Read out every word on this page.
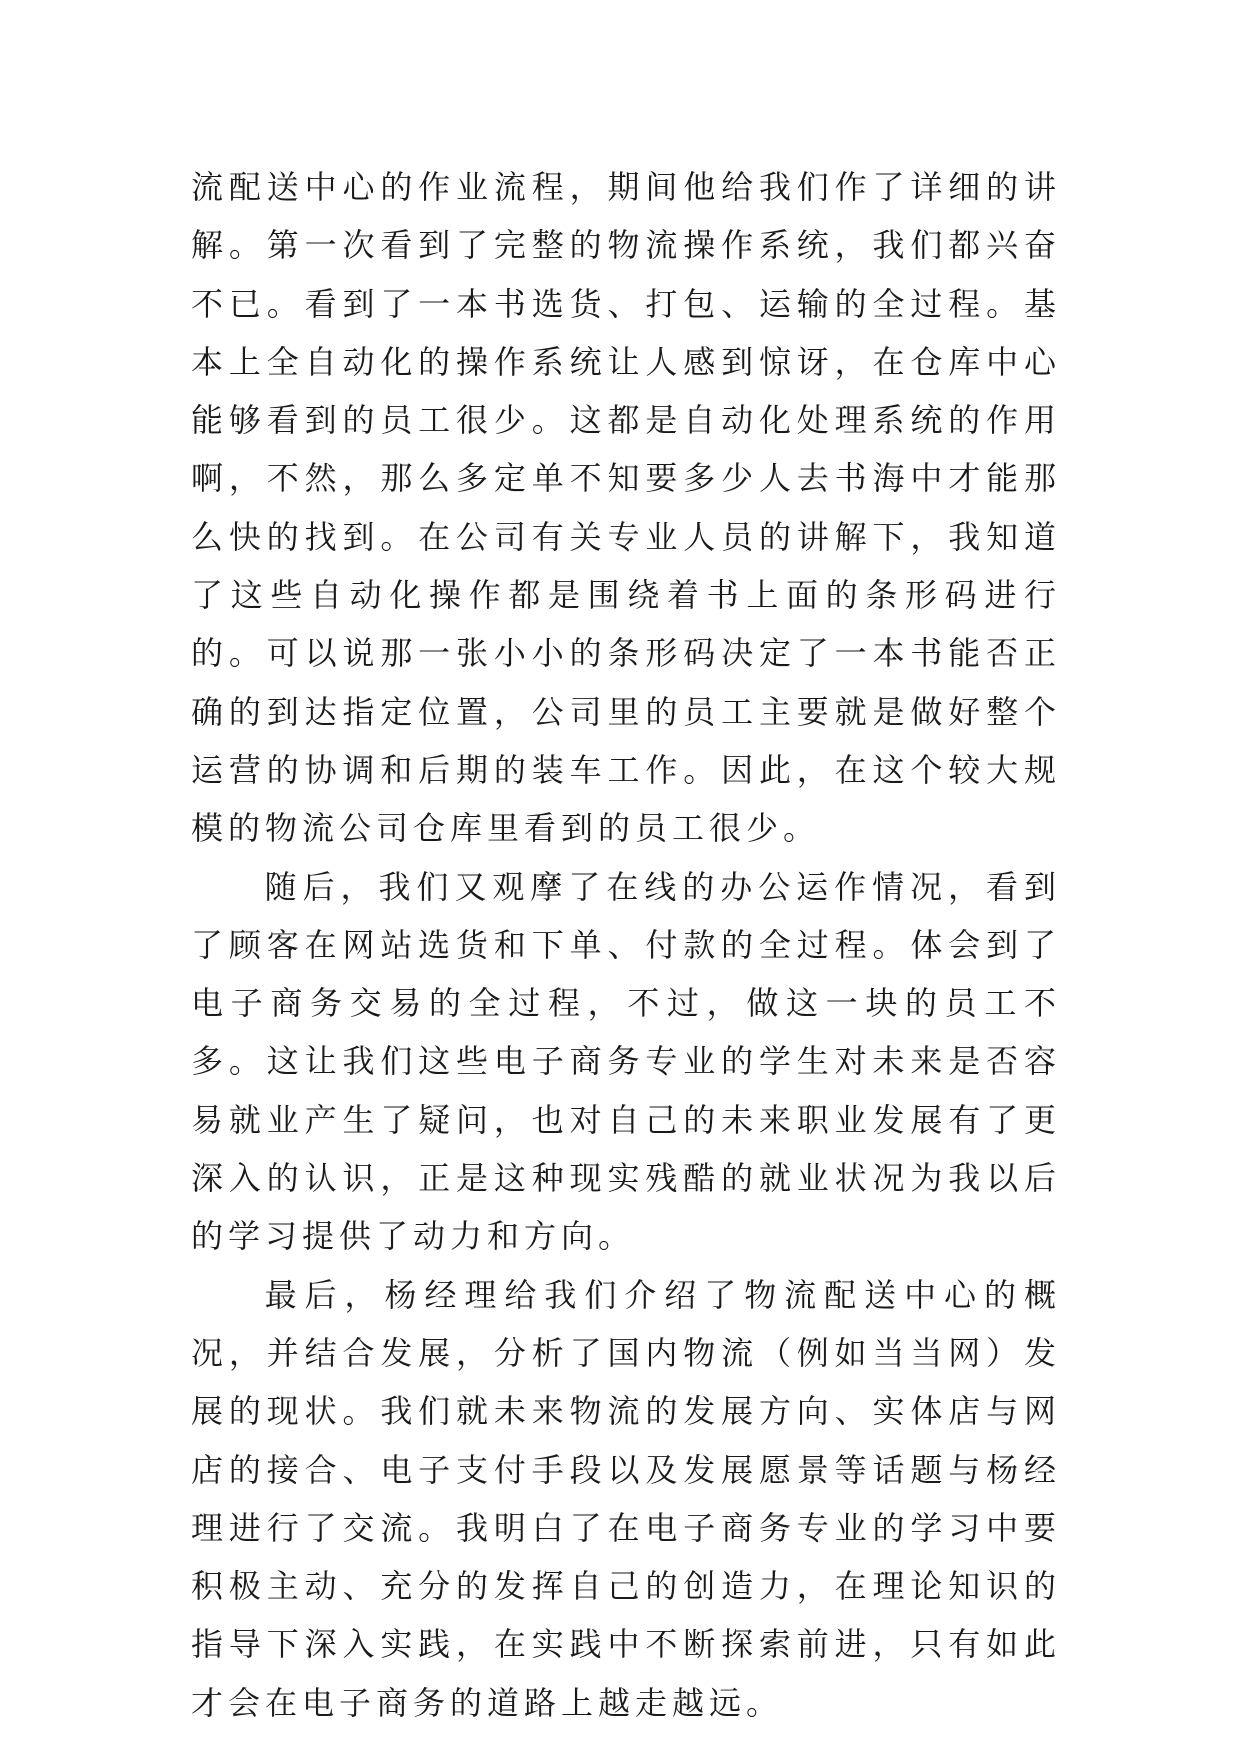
流配送中心的作业流程，期间他给我们作了详细的讲解。第一次看到了完整的物流操作系统，我们都兴奋不已。看到了一本书选货、打包、运输的全过程。基本上全自动化的操作系统让人感到惊讶，在仓库中心能够看到的员工很少。这都是自动化处理系统的作用啊，不然，那么多定单不知要多少人去书海中才能那么快的找到。在公司有关专业人员的讲解下，我知道了这些自动化操作都是围绕着书上面的条形码进行的。可以说那一张小小的条形码决定了一本书能否正确的到达指定位置，公司里的员工主要就是做好整个运营的协调和后期的装车工作。因此，在这个较大规模的物流公司仓库里看到的员工很少。

随后，我们又观摩了在线的办公运作情况，看到了顾客在网站选货和下单、付款的全过程。体会到了电子商务交易的全过程，不过，做这一块的员工不多。这让我们这些电子商务专业的学生对未来是否容易就业产生了疑问，也对自己的未来职业发展有了更深入的认识，正是这种现实残酷的就业状况为我以后的学习提供了动力和方向。

最后，杨经理给我们介绍了物流配送中心的概况，并结合发展，分析了国内物流（例如当当网）发展的现状。我们就未来物流的发展方向、实体店与网店的接合、电子支付手段以及发展愿景等话题与杨经理进行了交流。我明白了在电子商务专业的学习中要积极主动、充分的发挥自己的创造力，在理论知识的指导下深入实践，在实践中不断探索前进，只有如此才会在电子商务的道路上越走越远。
